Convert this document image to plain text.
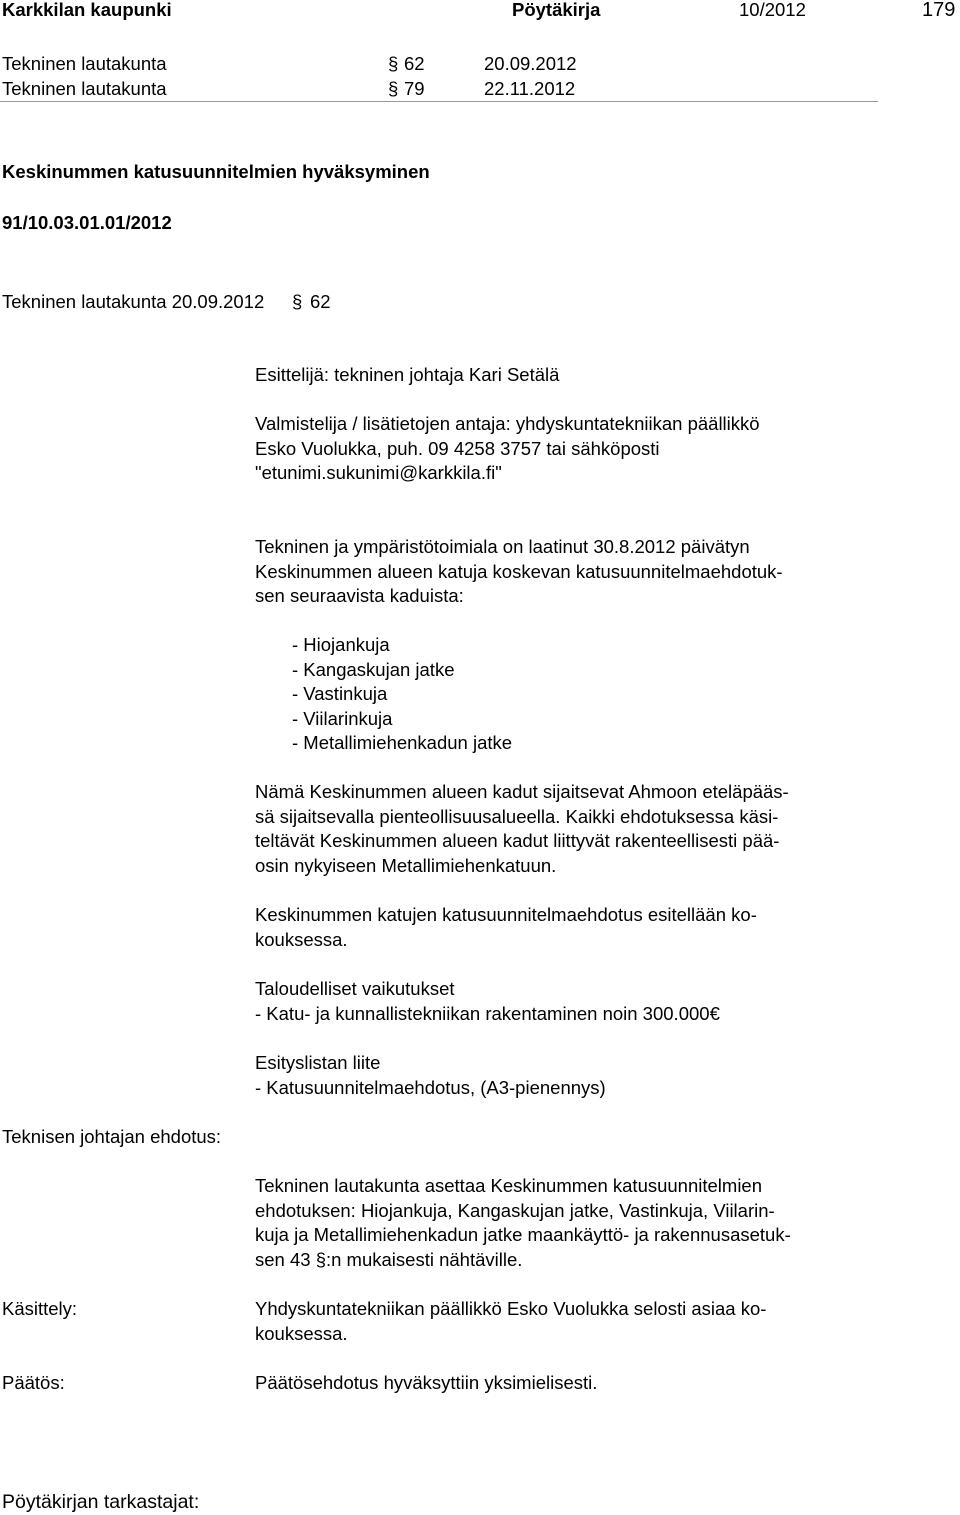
Karkkilan kaupunki	Pöytäkirja	10/2012	179
Tekninen lautakunta	§ 62	20.09.2012
Tekninen lautakunta	§ 79	22.11.2012
Keskinummen katusuunnitelmien hyväksyminen
91/10.03.01.01/2012
Tekninen lautakunta 20.09.2012 § 62
Esittelijä: tekninen johtaja Kari Setälä
Valmistelija / lisätietojen antaja: yhdyskuntatekniikan päällikkö
Esko Vuolukka, puh. 09 4258 3757 tai sähköposti
"etunimi.sukunimi@karkkila.fi"
Tekninen ja ympäristötoimiala on laatinut 30.8.2012 päivätyn
Keskinummen alueen katuja koskevan katusuunnitelmaehdotuk-
sen seuraavista kaduista:
- Hiojankuja
- Kangaskujan jatke
- Vastinkuja
- Viilarinkuja
- Metallimiehenkadun jatke
Nämä Keskinummen alueen kadut sijaitsevat Ahmoon eteläpääs-
sä sijaitsevalla pienteollisuusalueella. Kaikki ehdotuksessa käsi-
teltävät Keskinummen alueen kadut liittyvät rakenteellisesti pää-
osin nykyiseen Metallimiehenkatuun.
Keskinummen katujen katusuunnitelmaehdotus esitellään ko-
kouksessa.
Taloudelliset vaikutukset
- Katu- ja kunnallistekniikan rakentaminen noin 300.000€
Esityslistan liite
- Katusuunnitelmaehdotus, (A3-pienennys)
Teknisen johtajan ehdotus:
Tekninen lautakunta asettaa Keskinummen katusuunnitelmien
ehdotuksen: Hiojankuja, Kangaskujan jatke, Vastinkuja, Viilarin-
kuja ja Metallimiehenkadun jatke maankäyttö- ja rakennusasetuk-
sen 43 §:n mukaisesti nähtäville.
Käsittely:	Yhdyskuntatekniikan päällikkö Esko Vuolukka selosti asiaa ko-
kouksessa.
Päätös:	Päätösehdotus hyväksyttiin yksimielisesti.
Pöytäkirjan tarkastajat:
